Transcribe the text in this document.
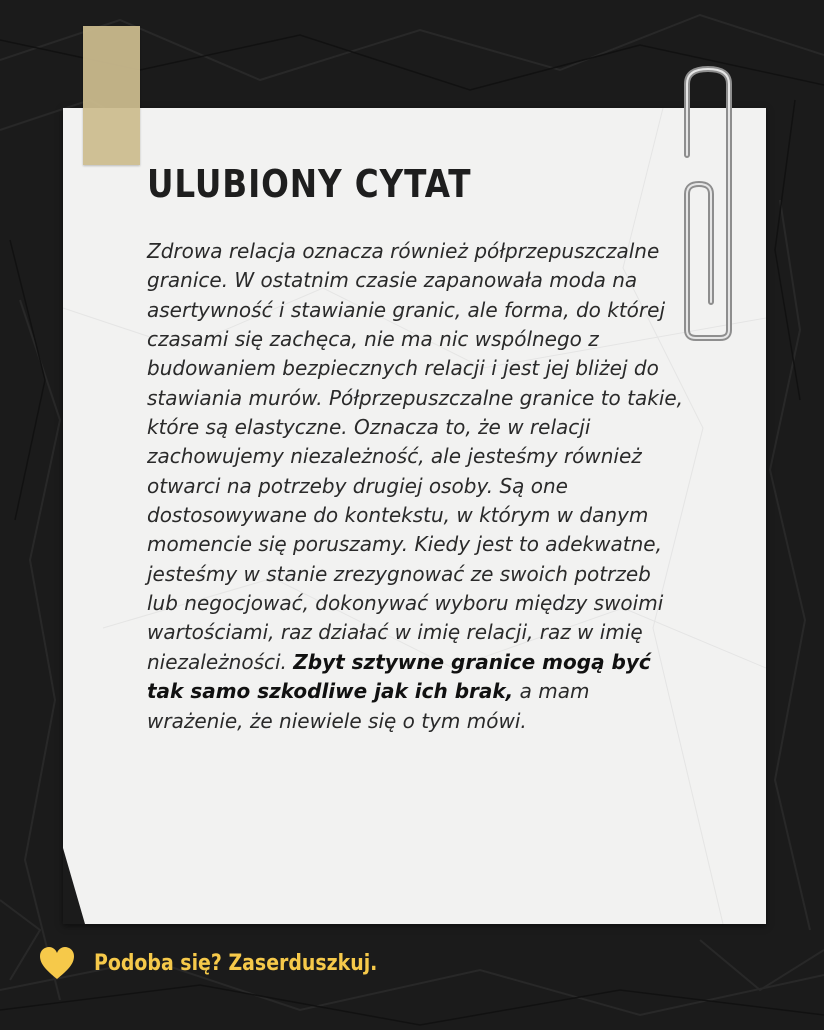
ULUBIONY CYTAT

Zdrowa relacja oznacza również półprzepuszczalne granice. W ostatnim czasie zapanowała moda na asertywność i stawianie granic, ale forma, do której czasami się zachęca, nie ma nic wspólnego z budowaniem bezpiecznych relacji i jest jej bliżej do stawiania murów. Półprzepuszczalne granice to takie, które są elastyczne. Oznacza to, że w relacji zachowujemy niezależność, ale jesteśmy również otwarci na potrzeby drugiej osoby. Są one dostosowywane do kontekstu, w którym w danym momencie się poruszamy. Kiedy jest to adekwatne, jesteśmy w stanie zrezygnować ze swoich potrzeb lub negocjować, dokonywać wyboru między swoimi wartościami, raz działać w imię relacji, raz w imię niezależności. Zbyt sztywne granice mogą być tak samo szkodliwe jak ich brak, a mam wrażenie, że niewiele się o tym mówi.

Podoba się? Zaserduszkuj.
